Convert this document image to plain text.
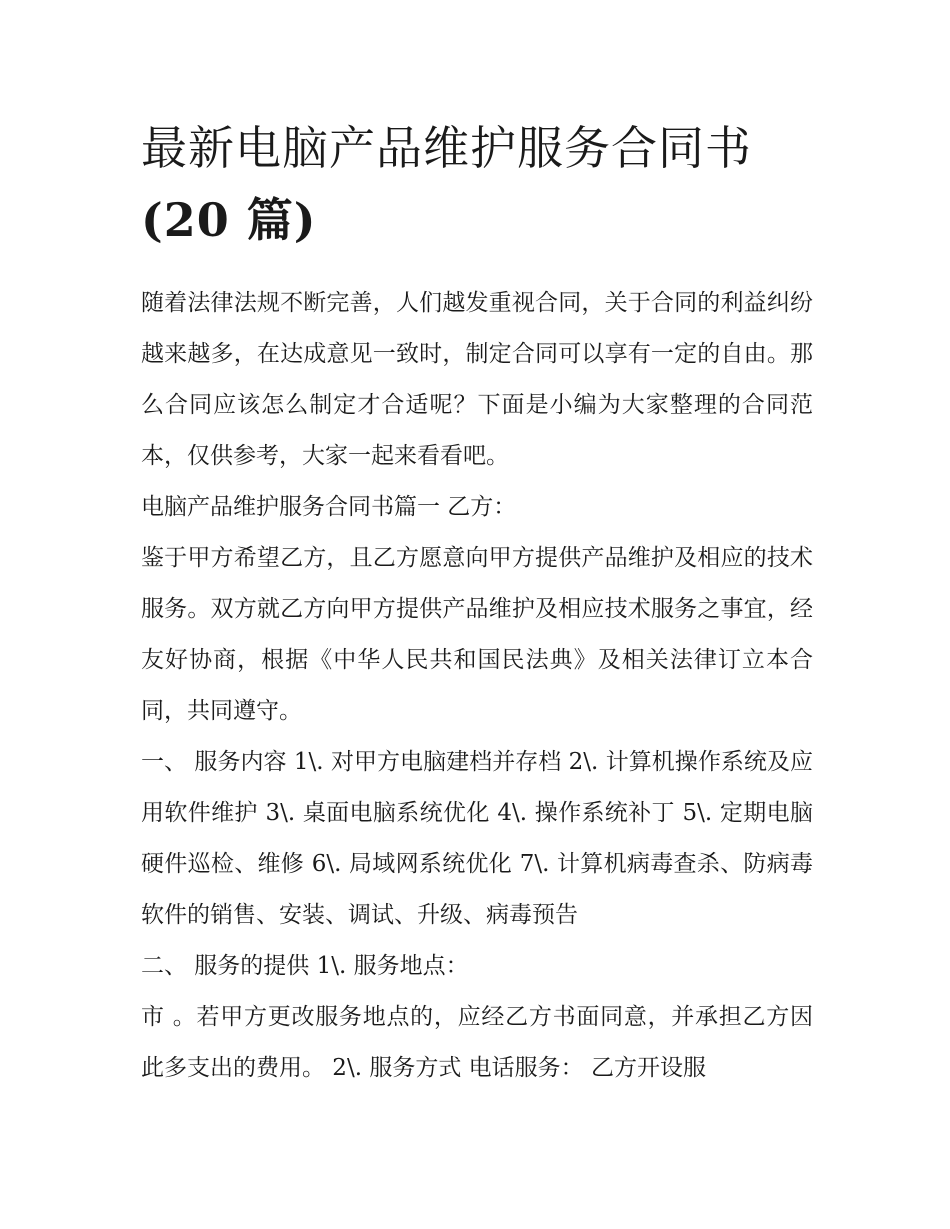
最新电脑产品维护服务合同书
(20 篇)

随着法律法规不断完善，人们越发重视合同，关于合同的利益纠纷越来越多，在达成意见一致时，制定合同可以享有一定的自由。那么合同应该怎么制定才合适呢？下面是小编为大家整理的合同范本，仅供参考，大家一起来看看吧。

电脑产品维护服务合同书篇一 乙方：

鉴于甲方希望乙方，且乙方愿意向甲方提供产品维护及相应的技术服务。双方就乙方向甲方提供产品维护及相应技术服务之事宜，经友好协商，根据《中华人民共和国民法典》及相关法律订立本合同，共同遵守。

一、 服务内容 1\. 对甲方电脑建档并存档 2\. 计算机操作系统及应用软件维护 3\. 桌面电脑系统优化 4\. 操作系统补丁 5\. 定期电脑硬件巡检、维修 6\. 局域网系统优化 7\. 计算机病毒查杀、防病毒软件的销售、安装、调试、升级、病毒预告

二、 服务的提供 1\. 服务地点：

市 。若甲方更改服务地点的，应经乙方书面同意，并承担乙方因此多支出的费用。 2\. 服务方式 电话服务： 乙方开设服
